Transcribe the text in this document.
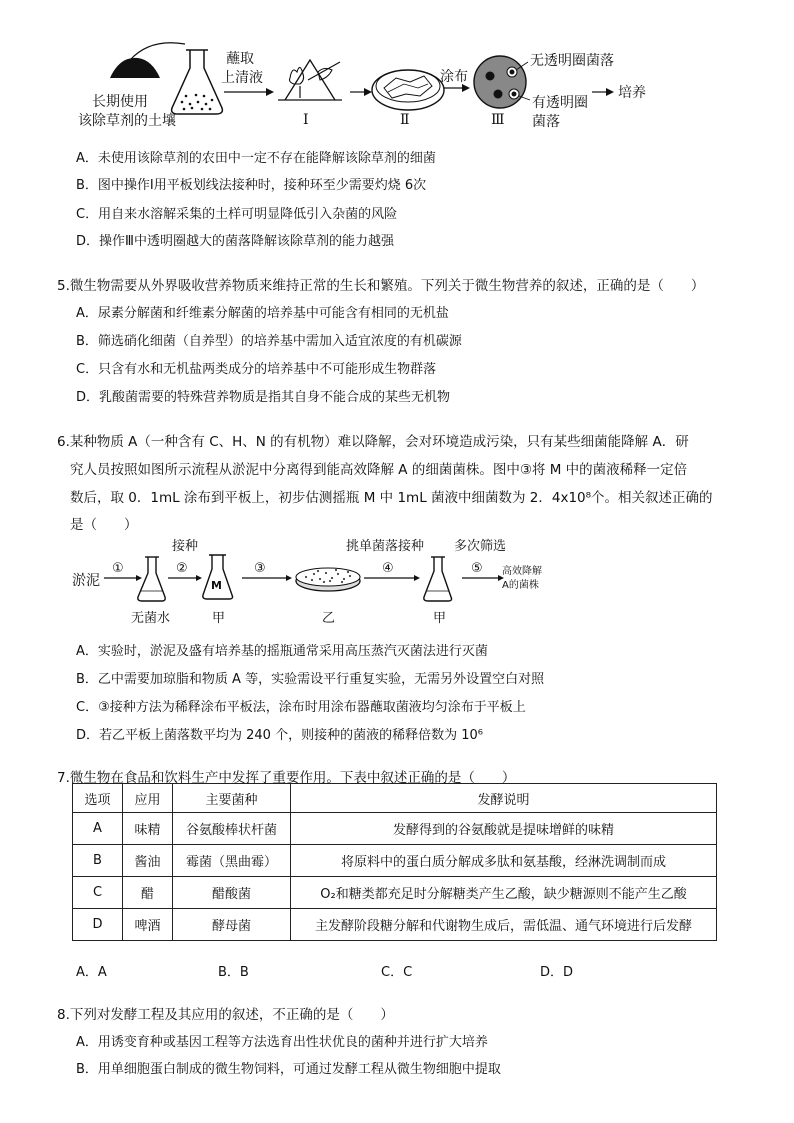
长期使用
该除草剂的土壤
蘸取
上清液
Ⅰ	Ⅱ
涂布
Ⅲ
无透明圈菌落
有透明圈
菌落
培养
A．未使用该除草剂的农田中一定不存在能降解该除草剂的细菌
B．图中操作Ⅰ用平板划线法接种时，接种环至少需要灼烧 6次
C．用自来水溶解采集的土样可明显降低引入杂菌的风险
D．操作Ⅲ中透明圈越大的菌落降解该除草剂的能力越强
5.微生物需要从外界吸收营养物质来维持正常的生长和繁殖。下列关于微生物营养的叙述，正确的是（　　）
A．尿素分解菌和纤维素分解菌的培养基中可能含有相同的无机盐
B．筛选硝化细菌（自养型）的培养基中需加入适宜浓度的有机碳源
C．只含有水和无机盐两类成分的培养基中不可能形成生物群落
D．乳酸菌需要的特殊营养物质是指其自身不能合成的某些无机物
6.某种物质 A（一种含有 C、H、N 的有机物）难以降解，会对环境造成污染，只有某些细菌能降解 A．研
究人员按照如图所示流程从淤泥中分离得到能高效降解 A 的细菌菌株。图中③将 M 中的菌液稀释一定倍
数后，取 0．1mL 涂布到平板上，初步估测摇瓶 M 中 1mL 菌液中细菌数为 2．4x10⁸个。相关叙述正确的
是（　　）
淤泥
①
无菌水
接种
②
M
甲
③
乙
挑单菌落接种
④
甲
多次筛选
⑤ 高效降解
A的菌株
A．实验时，淤泥及盛有培养基的摇瓶通常采用高压蒸汽灭菌法进行灭菌
B．乙中需要加琼脂和物质 A 等，实验需设平行重复实验，无需另外设置空白对照
C．③接种方法为稀释涂布平板法，涂布时用涂布器蘸取菌液均匀涂布于平板上
D．若乙平板上菌落数平均为 240 个，则接种的菌液的稀释倍数为 10⁶
7.微生物在食品和饮料生产中发挥了重要作用。下表中叙述正确的是（　　）
选项	应用	主要菌种	发酵说明
A	味精	谷氨酸棒状杆菌	发酵得到的谷氨酸就是提味增鲜的味精
B	酱油	霉菌（黑曲霉）	将原料中的蛋白质分解成多肽和氨基酸，经淋洗调制而成
C	醋	醋酸菌	O₂和糖类都充足时分解糖类产生乙酸，缺少糖源则不能产生乙酸
D	啤酒	酵母菌	主发酵阶段糖分解和代谢物生成后，需低温、通气环境进行后发酵
A．A	B．B	C．C	D．D
8.下列对发酵工程及其应用的叙述，不正确的是（　　）
A．用诱变育种或基因工程等方法选育出性状优良的菌种并进行扩大培养
B．用单细胞蛋白制成的微生物饲料，可通过发酵工程从微生物细胞中提取
